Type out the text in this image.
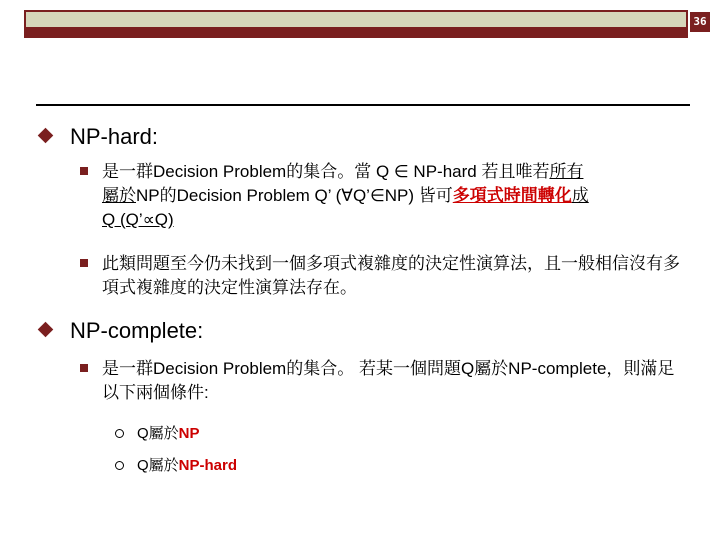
36
NP-hard:
是一群Decision Problem的集合。當 Q ∈ NP-hard 若且唯若所有
屬於NP的Decision Problem Q’ (∀Q’∈NP) 皆可多項式時間轉化成
Q (Q’∝Q)
此類問題至今仍未找到一個多項式複雜度的決定性演算法，且一般相信沒有多項式複雜度的決定性演算法存在。
NP-complete:
是一群Decision Problem的集合。 若某一個問題Q屬於NP-complete，則滿足以下兩個條件:
Q屬於NP
Q屬於NP-hard
